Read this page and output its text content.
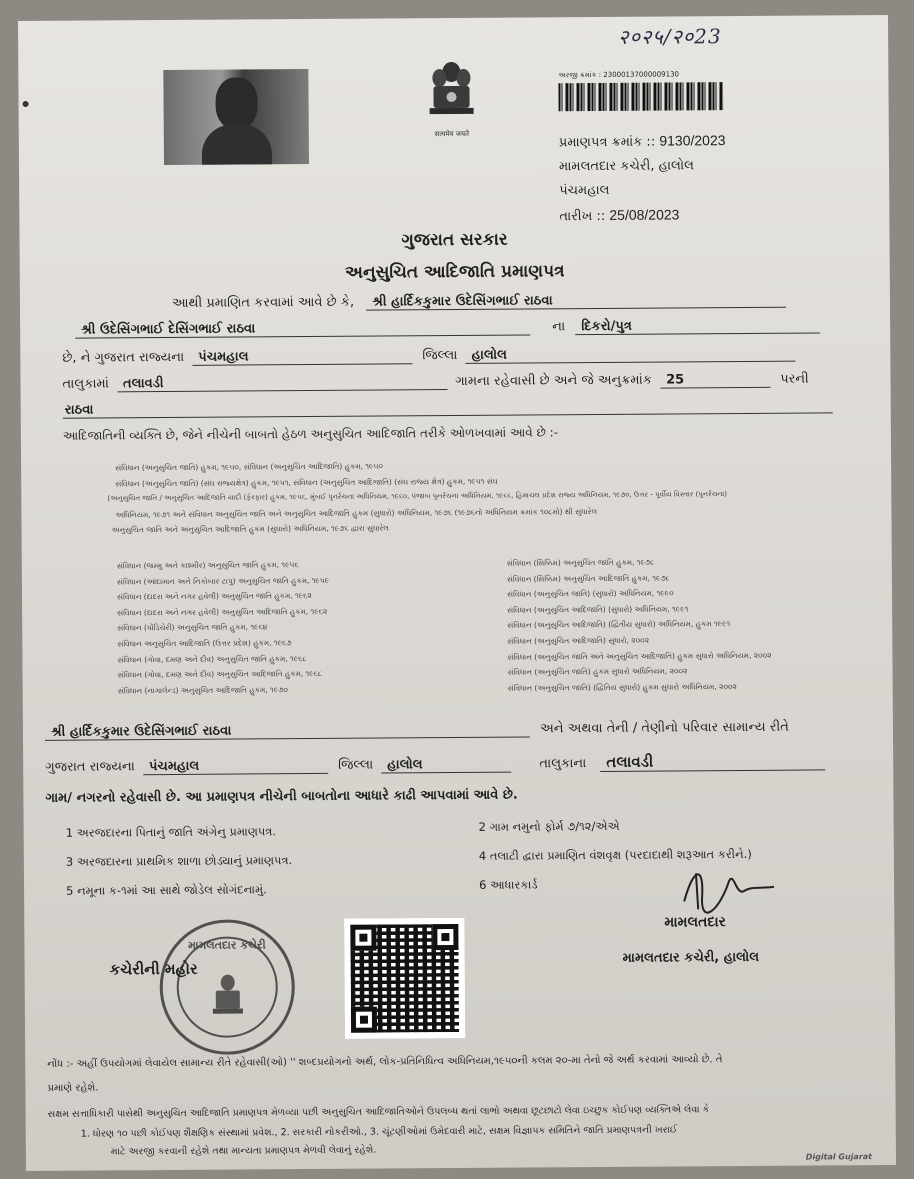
२०२५/२०23
सत्यमेव जयते
અરજી ક્રમાંક : 23000137000009130
પ્રમાણપત્ર ક્રમાંક :: 9130/2023
મામલતદાર કચેરી, હાલોલ
પંચમહાલ
તારીખ :: 25/08/2023
ગુજરાત સરકાર
અનુસુચિત આદિજાતિ પ્રમાણપત્ર
આથી પ્રમાણિત કરવામાં આવે છે કે, શ્રી હાર્દિકકુમાર ઉદેસિંગભાઈ રાઠવા
શ્રી ઉદેસિંગભાઈ દેસિંગભાઈ રાઠવા	ના દિકરો/પુત્ર
છે, ને ગુજરાત રાજ્યના પંચમહાલ	જિલ્લા હાલોલ
તાલુકામાં તલાવડી	ગામના રહેવાસી છે અને જે અનુક્રમાંક 25	પરની
રાઠવા
આદિજાતિની વ્યક્તિ છે, જેને નીચેની બાબતો હેઠળ અનુસુચિત આદિજાતિ તરીકે ઓળખવામાં આવે છે :-
સંવિધાન (અનુસુચિત જાતિ) હુકમ, ૧૯૫૦, સંવિધાન (અનુસુચિત આદિજાતિ) હુકમ, ૧૯૫૦
સંવિધાન (અનુસુચિત જાતિ) (સંઘ રાજ્યક્ષેત્ર) હુકમ, ૧૯૫૧, સંવિધાન (અનુસુચિત આદિજાતિ) (સંઘ રાજ્ય ક્ષેત્ર) હુકમ, ૧૯૫૧ સંઘ
(અનુસુચિત જાતિ / અનુસુચિત આદિજાતિ યાદી (ફેરફાર) હુકમ, ૧૯૫૬, મુંબઈ પુનર્રચના અધિનિયમ, ૧૯૬૦, પંજાબ પુનર્રચના અધિનિયમ, ૧૯૬૬, હિમાચલ પ્રદેશ રાજ્ય અધિનિયમ, ૧૯૭૦, ઉત્તર - પૂર્વીય વિસ્તાર (પુનર્રચના)
અધિનિયમ, ૧૯૭૧ અને સંવિધાન અનુસુચિત જાતિ અને અનુસુચિત આદિજાતિ હુકમ (સુધારો) અધિનિયમ, ૧૯૭૬ (૧૯૭૬નો અધિનિયમ ક્રમાંક ૧૦૮મો) થી સુધારેલ
અનુસુચિત જાતિ અને અનુસુચિત આદિજાતિ હુકમ (સુધારો) અધિનિયમ, ૧૯૭૬ દ્વારા સુધારેલ
સંવિધાન (જમ્મુ અને કાશ્મીર) અનુસુચિત જાતિ હુકમ, ૧૯૫૬
સંવિધાન (આંદામાન અને નિકોબાર ટાપુ) અનુસુચિત જાતિ હુકમ, ૧૯૫૯
સંવિધાન (દાદરા અને નગર હવેલી) અનુસુચિત જાતિ હુકમ, ૧૯૬૨
સંવિધાન (દાદરા અને નગર હવેલી) અનુસુચિત આદિજાતિ હુકમ, ૧૯૬૨
સંવિધાન (પોંડિચેરી) અનુસુચિત જાતિ હુકમ, ૧૯૬૪
સંવિધાન અનુસુચિત આદિજાતિ (ઉત્તર પ્રદેશ) હુકમ, ૧૯૬૭
સંવિધાન (ગોવા, દમણ અને દીવ) અનુસુચિત જાતિ હુકમ, ૧૯૬૮
સંવિધાન (ગોવા, દમણ અને દીવ) અનુસુચિત આદિજાતિ હુકમ, ૧૯૬૮
સંવિધાન (નાગાલેન્ડ) અનુસુચિત આદિજાતિ હુકમ, ૧૯૭૦
સંવિધાન (સિક્કિમ) અનુસુચિત જાતિ હુકમ, ૧૯૭૮
સંવિધાન (સિક્કિમ) અનુસુચિત આદિજાતિ હુકમ, ૧૯૭૮
સંવિધાન (અનુસુચિત જાતિ) (સુધારો) અધિનિયમ, ૧૯૯૦
સંવિધાન (અનુસુચિત આદિજાતિ) (સુધારો) અધિનિયમ, ૧૯૯૧
સંવિધાન (અનુસુચિત આદિજાતિ) (દ્વિતીય સુધારો) અધિનિયમ, હુકમ ૧૯૯૧
સંવિધાન (અનુસુચિત આદિજાતિ) સુધારો, ૨૦૦૨
સંવિધાન (અનુસુચિત જાતિ અને અનુસુચિત આદિજાતિ) હુકમ સુધારો અધિનિયમ, ૨૦૦૨
સંવિધાન (અનુસુચિત જાતિ) હુકમ સુધારો અધિનિયમ, ૨૦૦૨
સંવિધાન (અનુસુચિત જાતિ) (દ્વિતિય સુધારો) હુકમ સુધારો અધિનિયમ, ૨૦૦૨
શ્રી હાર્દિકકુમાર ઉદેસિંગભાઈ રાઠવા	અને અથવા તેની / તેણીનો પરિવાર સામાન્ય રીતે
ગુજરાત રાજ્યના પંચમહાલ	જિલ્લા હાલોલ	તાલુકાના તલાવડી
ગામ/ નગરનો રહેવાસી છે. આ પ્રમાણપત્ર નીચેની બાબતોના આધારે કાઢી આપવામાં આવે છે.
1 અરજદારના પિતાનું જાતિ અંગેનુ પ્રમાણપત્ર.
3 અરજદારના પ્રાથમિક શાળા છોડ્યાનું પ્રમાણપત્ર.
5 નમૂના ક-૧માં આ સાથે જોડેલ સોગંદનામું.
2 ગામ નમુનો ફોર્મ ૭/૧૨/એએ
4 તલાટી દ્વારા પ્રમાણિત વંશવૃક્ષ (પરદાદાથી શરૂઆત કરીને.)
6 આધારકાર્ડ
મામલતદાર
મામલતદાર કચેરી, હાલોલ
મામલતદાર કચેરી
કચેરીની મહોર
નોંધ :- અહીં ઉપયોગમાં લેવાયેલ સામાન્ય રીતે રહેવાસી(ઓ) '' શબ્દપ્રયોગનો અર્થ, લોક-પ્રતિનિધિત્વ અધિનિયમ,૧૯૫૦ની કલમ ૨૦-મા તેનો જે અર્થ કરવામાં આવ્યો છે. તે
પ્રમાણે રહેશે.
સક્ષમ સત્તાધિકારી પાસેથી અનુસુચિત આદિજાતિ પ્રમાણપત્ર મેળવ્યા પછી અનુસુચિત આદિજાતિઓને ઉપલબ્ધ થતાં લાભો અથવા છૂટછાટો લેવા ઇચ્છુક કોઈપણ વ્યક્તિએ લેવા કે
1. ધોરણ ૧૦ પછી કોઈપણ શૈક્ષણિક સંસ્થામાં પ્રવેશ., 2. સરકારી નોકરીઓ., 3. ચૂંટણીઓમાં ઉમેદવારી માટે, સક્ષમ વિજ્ઞાપક સમિતિને જાતિ પ્રમાણપત્રની ખરાઈ
માટે અરજી કરવાની રહેશે તથા માન્યતા પ્રમાણપત્ર મેળવી લેવાનું રહેશે.	Digital Gujarat
